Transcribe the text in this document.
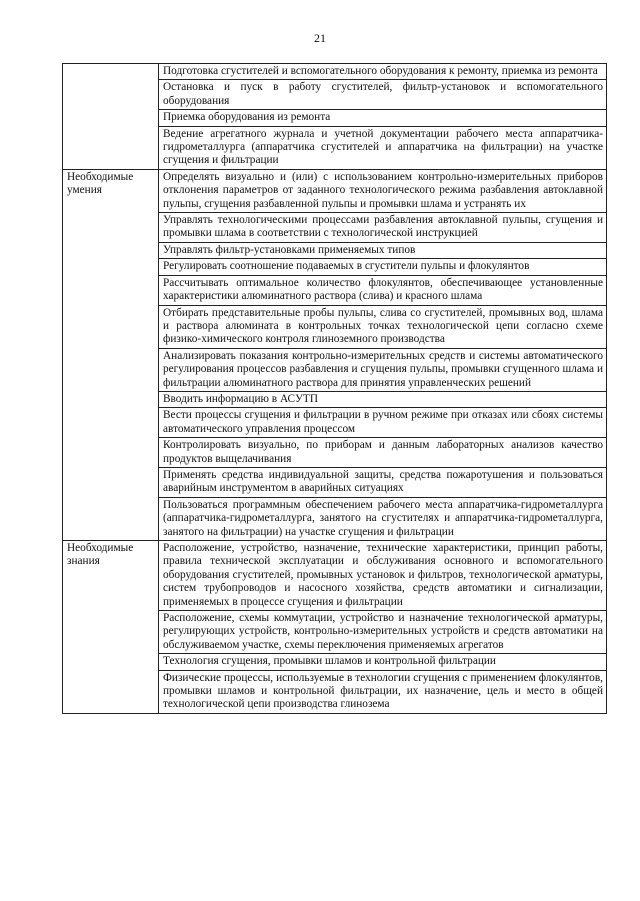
21
	Подготовка сгустителей и вспомогательного оборудования к ремонту, приемка из ремонта
	Остановка и пуск в работу сгустителей, фильтр-установок и вспомогательного оборудования
	Приемка оборудования из ремонта
	Ведение агрегатного журнала и учетной документации рабочего места аппаратчика-гидрометаллурга (аппаратчика сгустителей и аппаратчика на фильтрации) на участке сгущения и фильтрации
Необходимые умения	Определять визуально и (или) с использованием контрольно-измерительных приборов отклонения параметров от заданного технологического режима разбавления автоклавной пульпы, сгущения разбавленной пульпы и промывки шлама и устранять их
	Управлять технологическими процессами разбавления автоклавной пульпы, сгущения и промывки шлама в соответствии с технологической инструкцией
	Управлять фильтр-установками применяемых типов
	Регулировать соотношение подаваемых в сгустители пульпы и флокулянтов
	Рассчитывать оптимальное количество флокулянтов, обеспечивающее установленные характеристики алюминатного раствора (слива) и красного шлама
	Отбирать представительные пробы пульпы, слива со сгустителей, промывных вод, шлама и раствора алюмината в контрольных точках технологической цепи согласно схеме физико-химического контроля глиноземного производства
	Анализировать показания контрольно-измерительных средств и системы автоматического регулирования процессов разбавления и сгущения пульпы, промывки сгущенного шлама и фильтрации алюминатного раствора для принятия управленческих решений
	Вводить информацию в АСУТП
	Вести процессы сгущения и фильтрации в ручном режиме при отказах или сбоях системы автоматического управления процессом
	Контролировать визуально, по приборам и данным лабораторных анализов качество продуктов выщелачивания
	Применять средства индивидуальной защиты, средства пожаротушения и пользоваться аварийным инструментом в аварийных ситуациях
	Пользоваться программным обеспечением рабочего места аппаратчика-гидрометаллурга (аппаратчика-гидрометаллурга, занятого на сгустителях и аппаратчика-гидрометаллурга, занятого на фильтрации) на участке сгущения и фильтрации
Необходимые знания	Расположение, устройство, назначение, технические характеристики, принцип работы, правила технической эксплуатации и обслуживания основного и вспомогательного оборудования сгустителей, промывных установок и фильтров, технологической арматуры, систем трубопроводов и насосного хозяйства, средств автоматики и сигнализации, применяемых в процессе сгущения и фильтрации
	Расположение, схемы коммутации, устройство и назначение технологической арматуры, регулирующих устройств, контрольно-измерительных устройств и средств автоматики на обслуживаемом участке, схемы переключения применяемых агрегатов
	Технология сгущения, промывки шламов и контрольной фильтрации
	Физические процессы, используемые в технологии сгущения с применением флокулянтов, промывки шламов и контрольной фильтрации, их назначение, цель и место в общей технологической цепи производства глинозема
